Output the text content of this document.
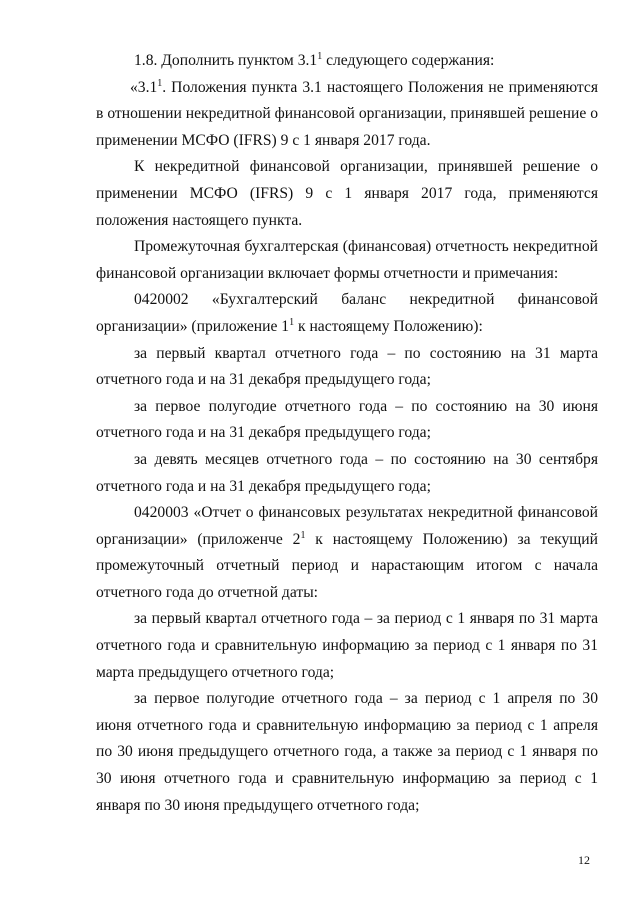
1.8. Дополнить пунктом $3.1^1$ следующего содержания:

«$3.1^1$. Положения пункта 3.1 настоящего Положения не применяются в отношении некредитной финансовой организации, принявшей решение о применении МСФО (IFRS) 9 с 1 января 2017 года.

К некредитной финансовой организации, принявшей решение о применении МСФО (IFRS) 9 с 1 января 2017 года, применяются положения настоящего пункта.

Промежуточная бухгалтерская (финансовая) отчетность некредитной финансовой организации включает формы отчетности и примечания:

0420002 «Бухгалтерский баланс некредитной финансовой организации» (приложение $1^1$ к настоящему Положению):

за первый квартал отчетного года – по состоянию на 31 марта отчетного года и на 31 декабря предыдущего года;

за первое полугодие отчетного года – по состоянию на 30 июня отчетного года и на 31 декабря предыдущего года;

за девять месяцев отчетного года – по состоянию на 30 сентября отчетного года и на 31 декабря предыдущего года;

0420003 «Отчет о финансовых результатах некредитной финансовой организации» (приложенче $2^1$ к настоящему Положению) за текущий промежуточный отчетный период и нарастающим итогом с начала отчетного года до отчетной даты:

за первый квартал отчетного года – за период с 1 января по 31 марта отчетного года и сравнительную информацию за период с 1 января по 31 марта предыдущего отчетного года;

за первое полугодие отчетного года – за период с 1 апреля по 30 июня отчетного года и сравнительную информацию за период с 1 апреля по 30 июня предыдущего отчетного года, а также за период с 1 января по 30 июня отчетного года и сравнительную информацию за период с 1 января по 30 июня предыдущего отчетного года;

12
